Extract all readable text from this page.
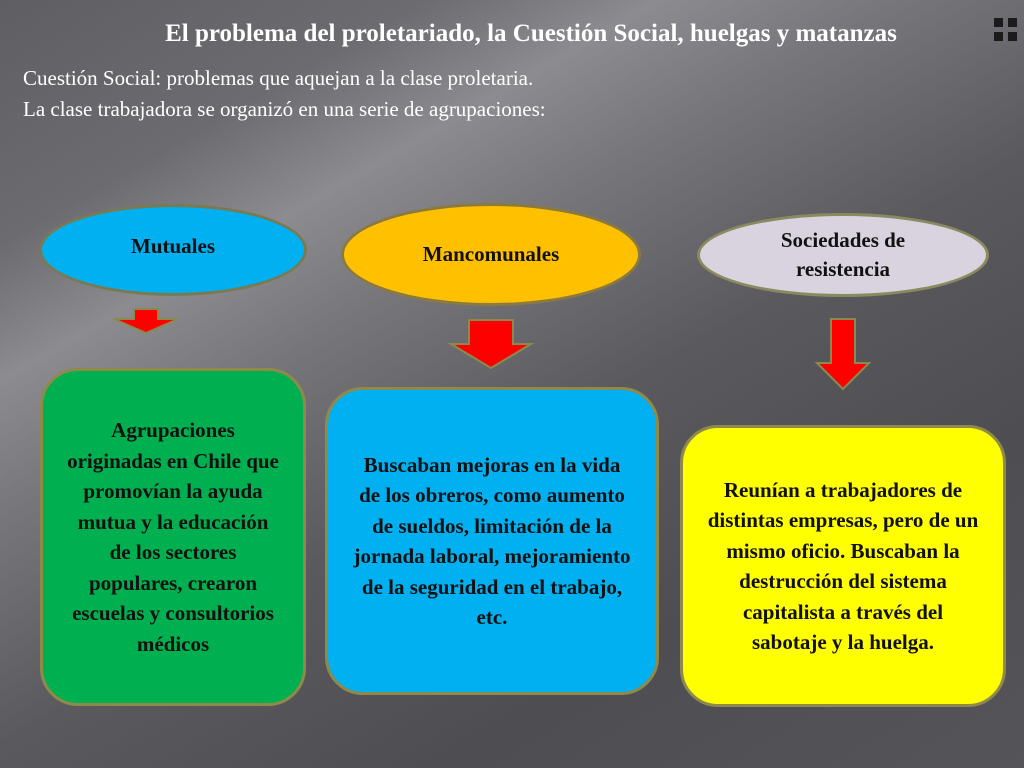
El problema del proletariado, la Cuestión Social, huelgas y matanzas

Cuestión Social: problemas que aquejan a la clase proletaria.

La clase trabajadora se organizó en una serie de agrupaciones:

Mutuales	Mancomunales
Sociedades de resistencia
Agrupaciones originadas en Chile que promovían la ayuda mutua y la educación de los sectores populares, crearon escuelas y consultorios médicos
Buscaban mejoras en la vida de los obreros, como aumento de sueldos, limitación de la jornada laboral, mejoramiento de la seguridad en el trabajo, etc.
Reunían a trabajadores de distintas empresas, pero de un mismo oficio. Buscaban la destrucción del sistema capitalista a través del sabotaje y la huelga.
